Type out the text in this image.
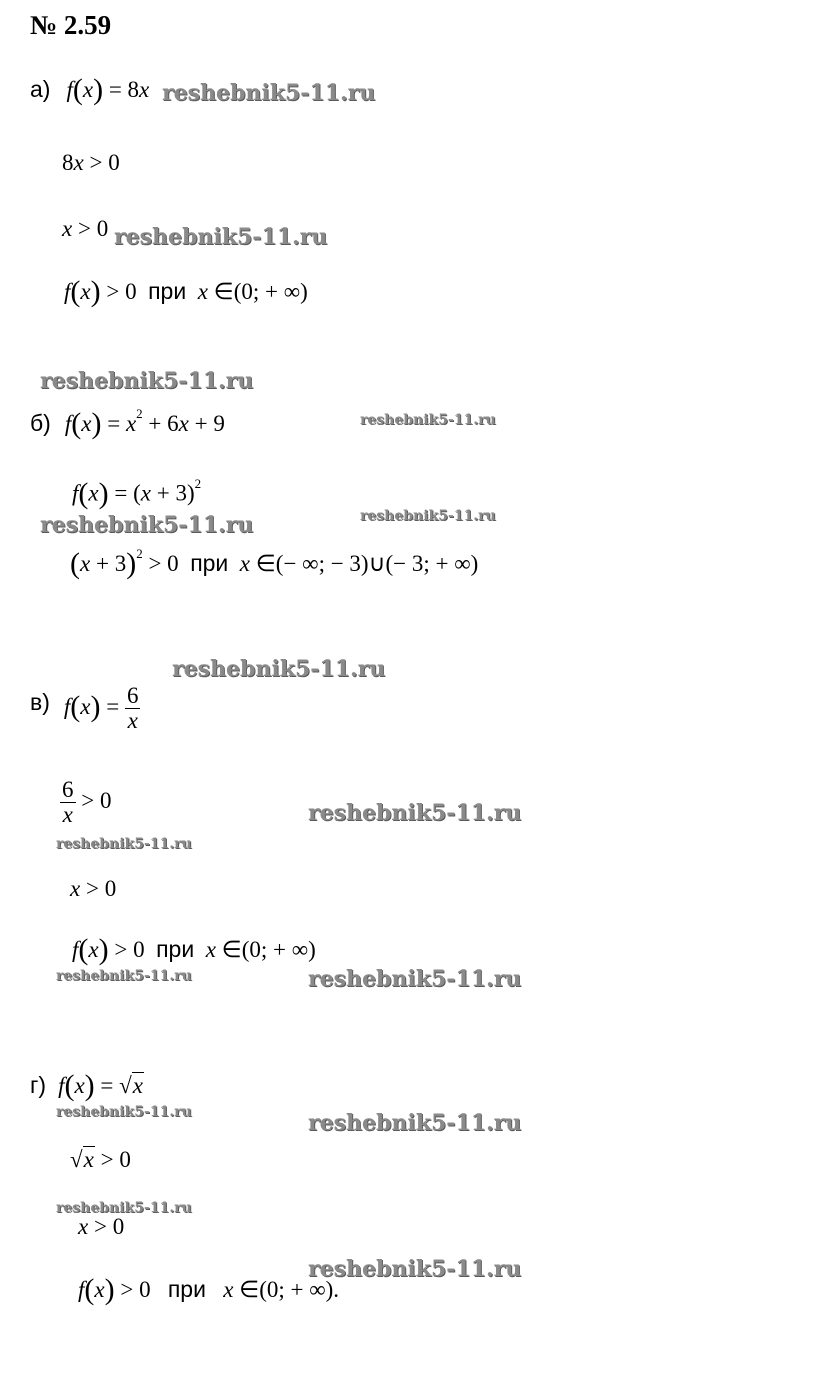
№ 2.59
а) f(x) = 8x reshebnik5-11.ru
8x > 0
x > 0 reshebnik5-11.ru
f(x) > 0 при x ∈(0; + ∞)
reshebnik5-11.ru
б) $f(x) = x^2 + 6x + 9$	reshebnik5-11.ru
$f(x) = (x + 3)^2$
reshebnik5-11.ru	reshebnik5-11.ru
$(x + 3)^2 > 0$ при x ∈(− ∞; − 3)∪(− 3; + ∞)
reshebnik5-11.ru
в) $f(x) = \frac{6}{x}$
$\frac{6}{x} > 0$	reshebnik5-11.ru
reshebnik5-11.ru
x > 0
f(x) > 0 при x ∈(0; + ∞)
reshebnik5-11.ru	reshebnik5-11.ru
г) f(x) = √x
reshebnik5-11.ru	reshebnik5-11.ru
√x > 0
reshebnik5-11.ru
x > 0
reshebnik5-11.ru
f(x) > 0 при x ∈(0; + ∞).
